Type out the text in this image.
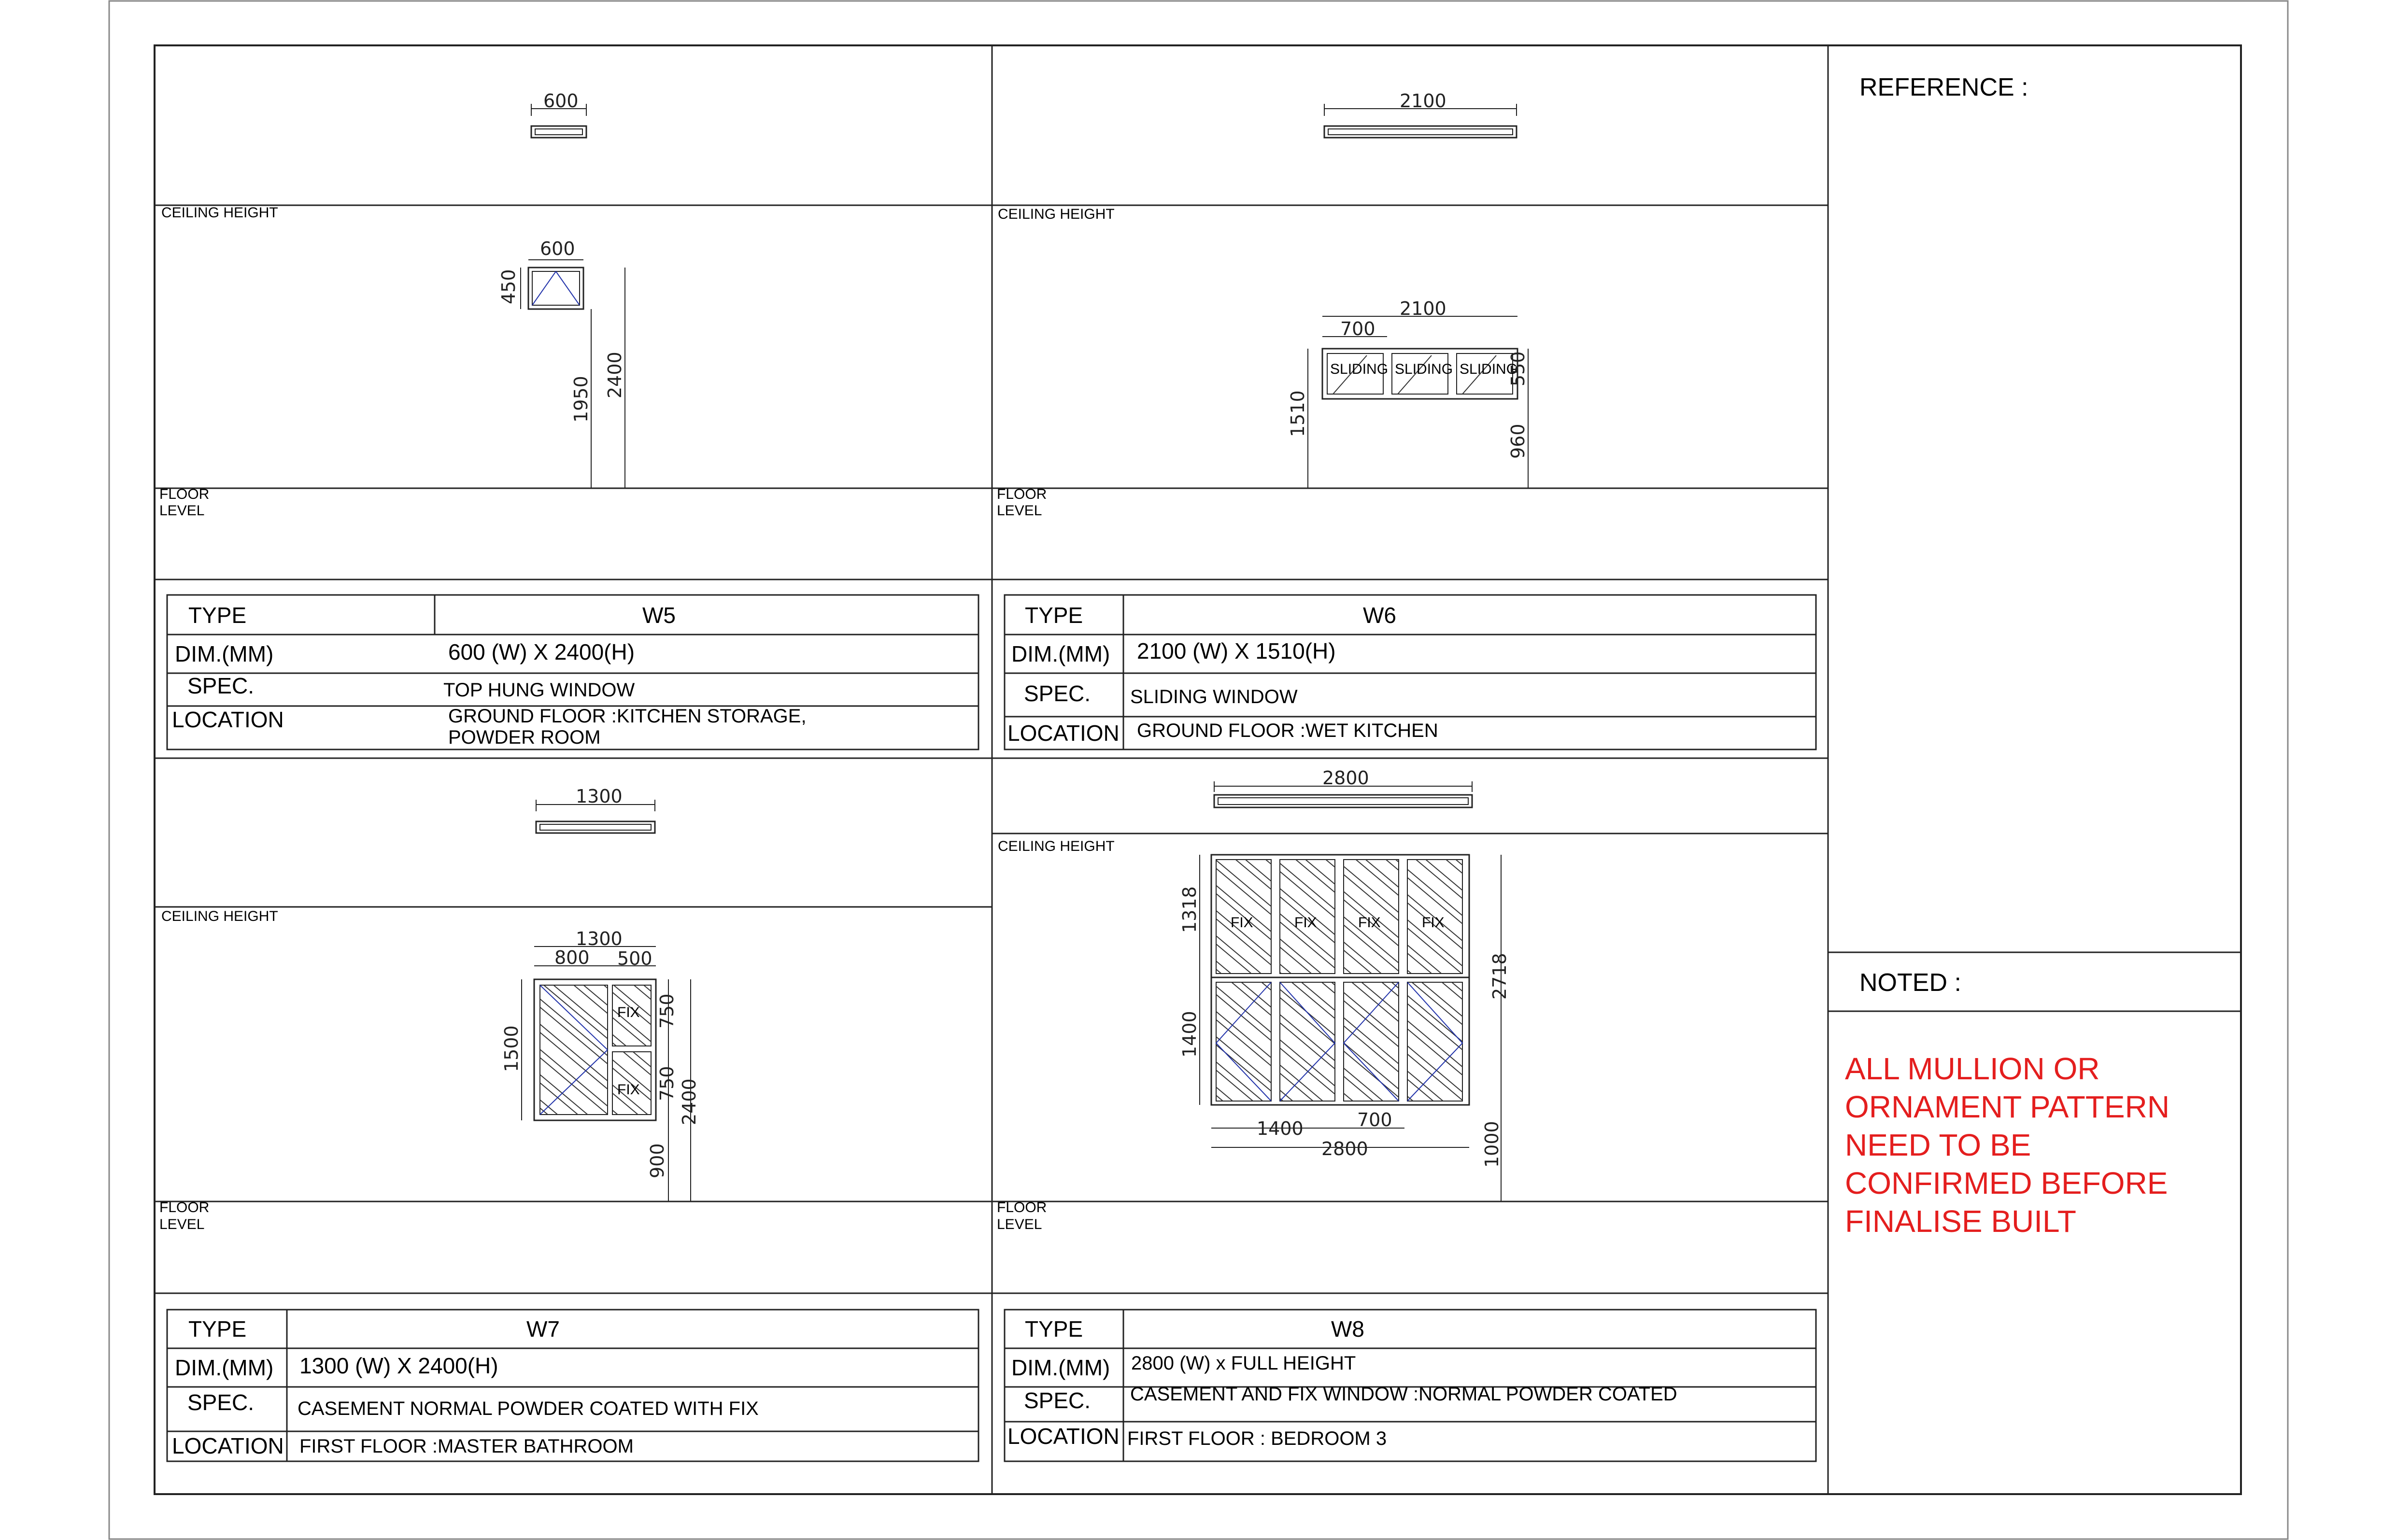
REFERENCE :
NOTED :
ALL MULLION OR
ORNAMENT PATTERN
NEED TO BE
CONFIRMED BEFORE
FINALISE BUILT
CEILING HEIGHT
FLOOR
LEVEL
600
600
450
1950
2400
TYPE	W5
DIM.(MM)	600 (W) X 2400(H)
SPEC.	TOP HUNG WINDOW
LOCATION	GROUND FLOOR :KITCHEN STORAGE,
POWDER ROOM
CEILING HEIGHT
FLOOR
LEVEL
2100
SLIDING SLIDING SLIDING
2100
700
1510
550
960
TYPE	W6
DIM.(MM) 2100 (W) X 1510(H)
SPEC. SLIDING WINDOW
LOCATION GROUND FLOOR :WET KITCHEN
CEILING HEIGHT
FLOOR
LEVEL
1300
FIX
FIX
1300
800 500
1500
750
750 2400
900
TYPE	W7
DIM.(MM) 1300 (W) X 2400(H)
SPEC. CASEMENT NORMAL POWDER COATED WITH FIX
LOCATION FIRST FLOOR :MASTER BATHROOM
CEILING HEIGHT
FLOOR
LEVEL
2800
FIX	FIX	FIX	FIX
1318
1400
2718
1000
1400	700
2800
TYPE	W8
DIM.(MM) 2800 (W) x FULL HEIGHT
SPEC. CASEMENT AND FIX WINDOW :NORMAL POWDER COATED
LOCATION FIRST FLOOR : BEDROOM 3
